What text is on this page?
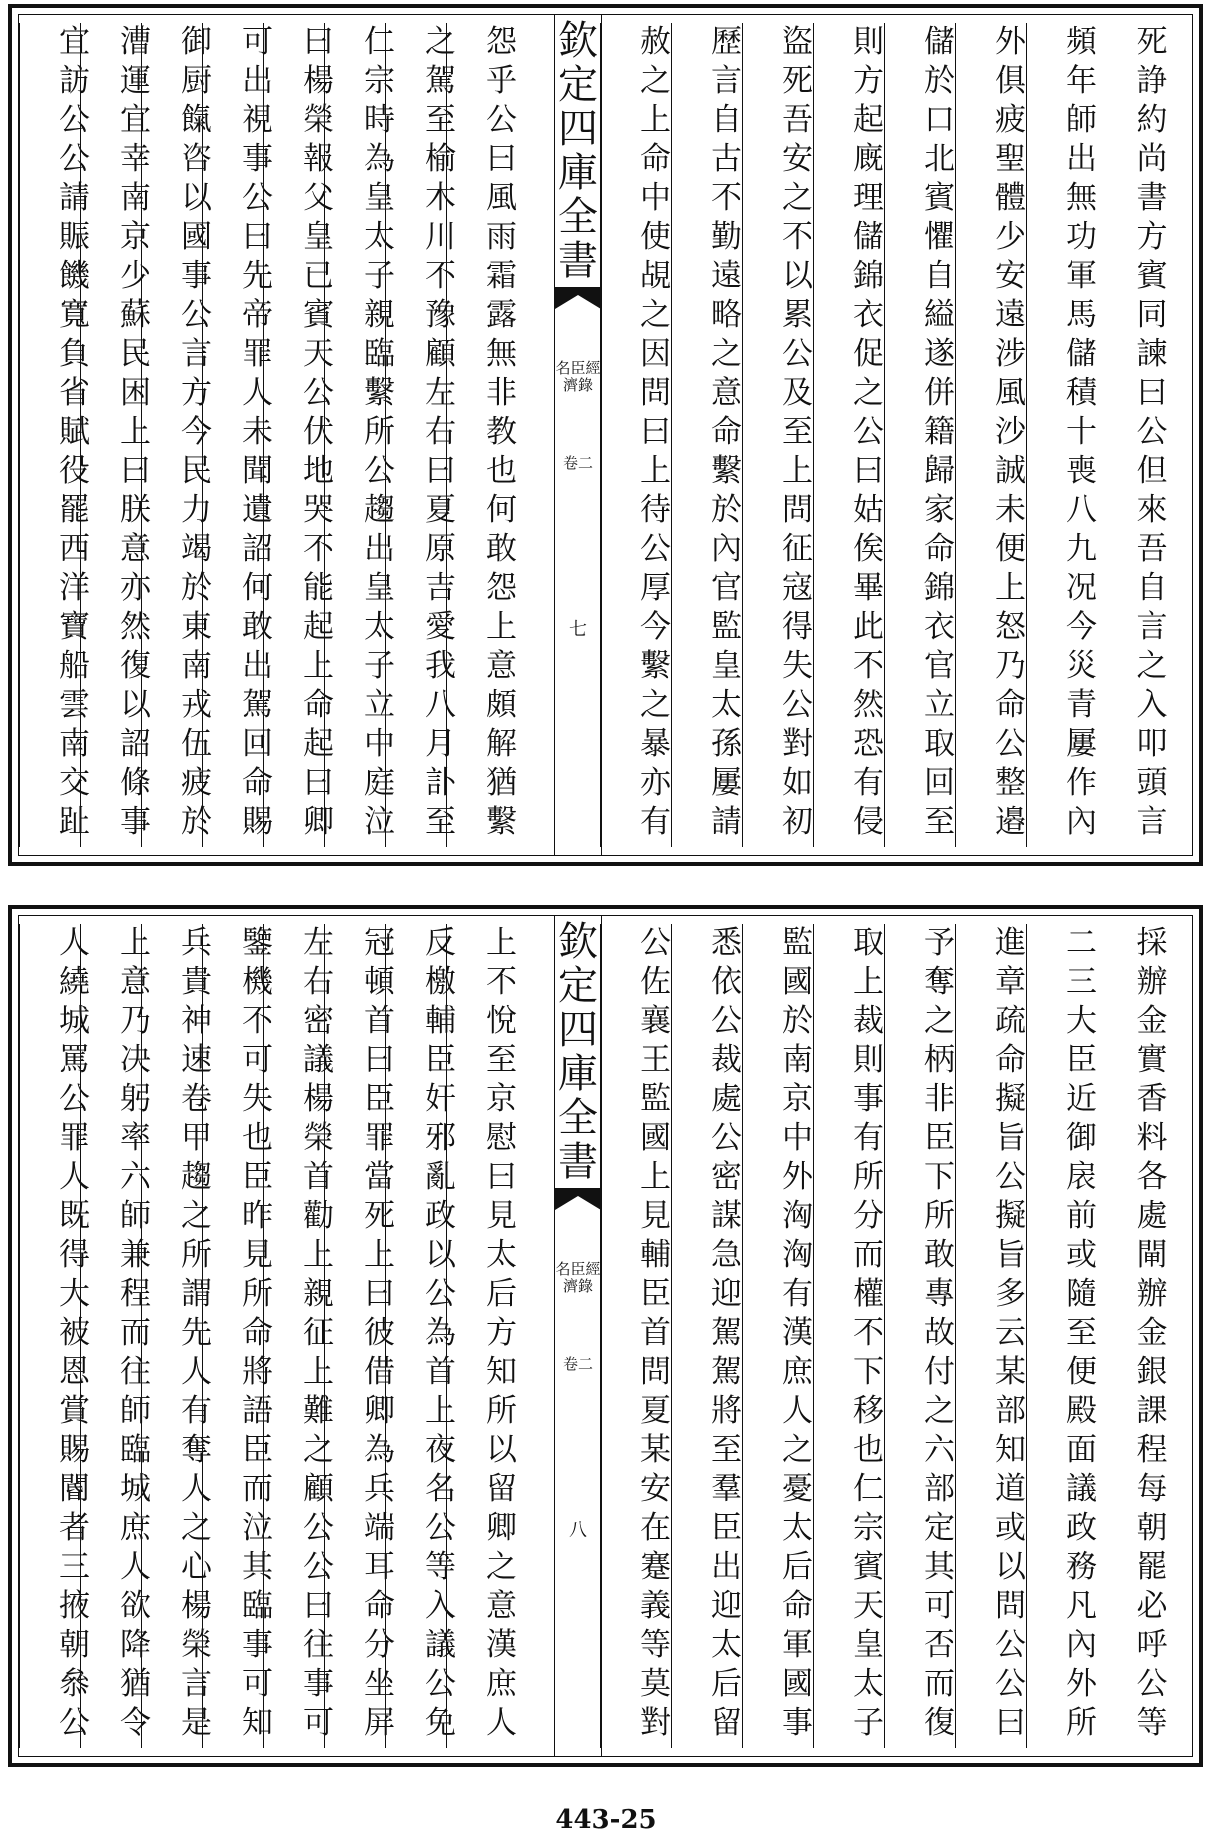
宜訪公公請賑饑寬負省賦役罷西洋寶船雲南交趾
漕運宜幸南京少蘇民困上曰朕意亦然復以詔條事
御厨餼咨以國事公言方今民力竭於東南戎伍疲於
可出視事公曰先帝罪人未聞遺詔何敢出駕回命賜
曰楊榮報父皇已賓天公伏地哭不能起上命起曰卿
仁宗時為皇太子親臨繫所公趨出皇太子立中庭泣
之駕至榆木川不豫顧左右曰夏原吉愛我八月訃至
怨乎公曰風雨霜露無非教也何敢怨上意頗解猶繫
欽定四庫全書
名臣經濟錄
卷二
七
赦之上命中使覘之因問曰上待公厚今繫之暴亦有
歷言自古不勤遠略之意命繫於內官監皇太孫屢請
盜死吾安之不以累公及至上問征寇得失公對如初
則方起廐理儲錦衣促之公曰姑俟畢此不然恐有侵
儲於口北賓懼自縊遂併籍歸家命錦衣官立取回至
外俱疲聖體少安遠涉風沙誠未便上怒乃命公整邉
頻年師出無功軍馬儲積十喪八九况今災青屢作內
死諍約尚書方賓同諫曰公但來吾自言之入叩頭言
人繞城罵公罪人既得大被恩賞賜閽者三掖朝叅公
上意乃决躬率六師兼程而往師臨城庶人欲降猶令
兵貴神速卷甲趨之所謂先人有奪人之心楊榮言是
鑒機不可失也臣昨見所命將語臣而泣其臨事可知
左右密議楊榮首勸上親征上難之顧公公曰往事可
冠頓首曰臣罪當死上曰彼借卿為兵端耳命分坐屏
反檄輔臣奸邪亂政以公為首上夜名公等入議公免
上不悅至京慰曰見太后方知所以留卿之意漢庶人
欽定四庫全書
名臣經濟錄
卷二
八
公佐襄王監國上見輔臣首問夏某安在蹇義等莫對
悉依公裁處公密謀急迎駕駕將至羣臣出迎太后留
監國於南京中外洶洶有漢庶人之憂太后命軍國事
取上裁則事有所分而權不下移也仁宗賓天皇太子
予奪之柄非臣下所敢專故付之六部定其可否而復
進章疏命擬旨公擬旨多云某部知道或以問公公曰
二三大臣近御扆前或隨至便殿面議政務凡內外所
採辦金實香料各處閘辦金銀課程每朝罷必呼公等
443-25
